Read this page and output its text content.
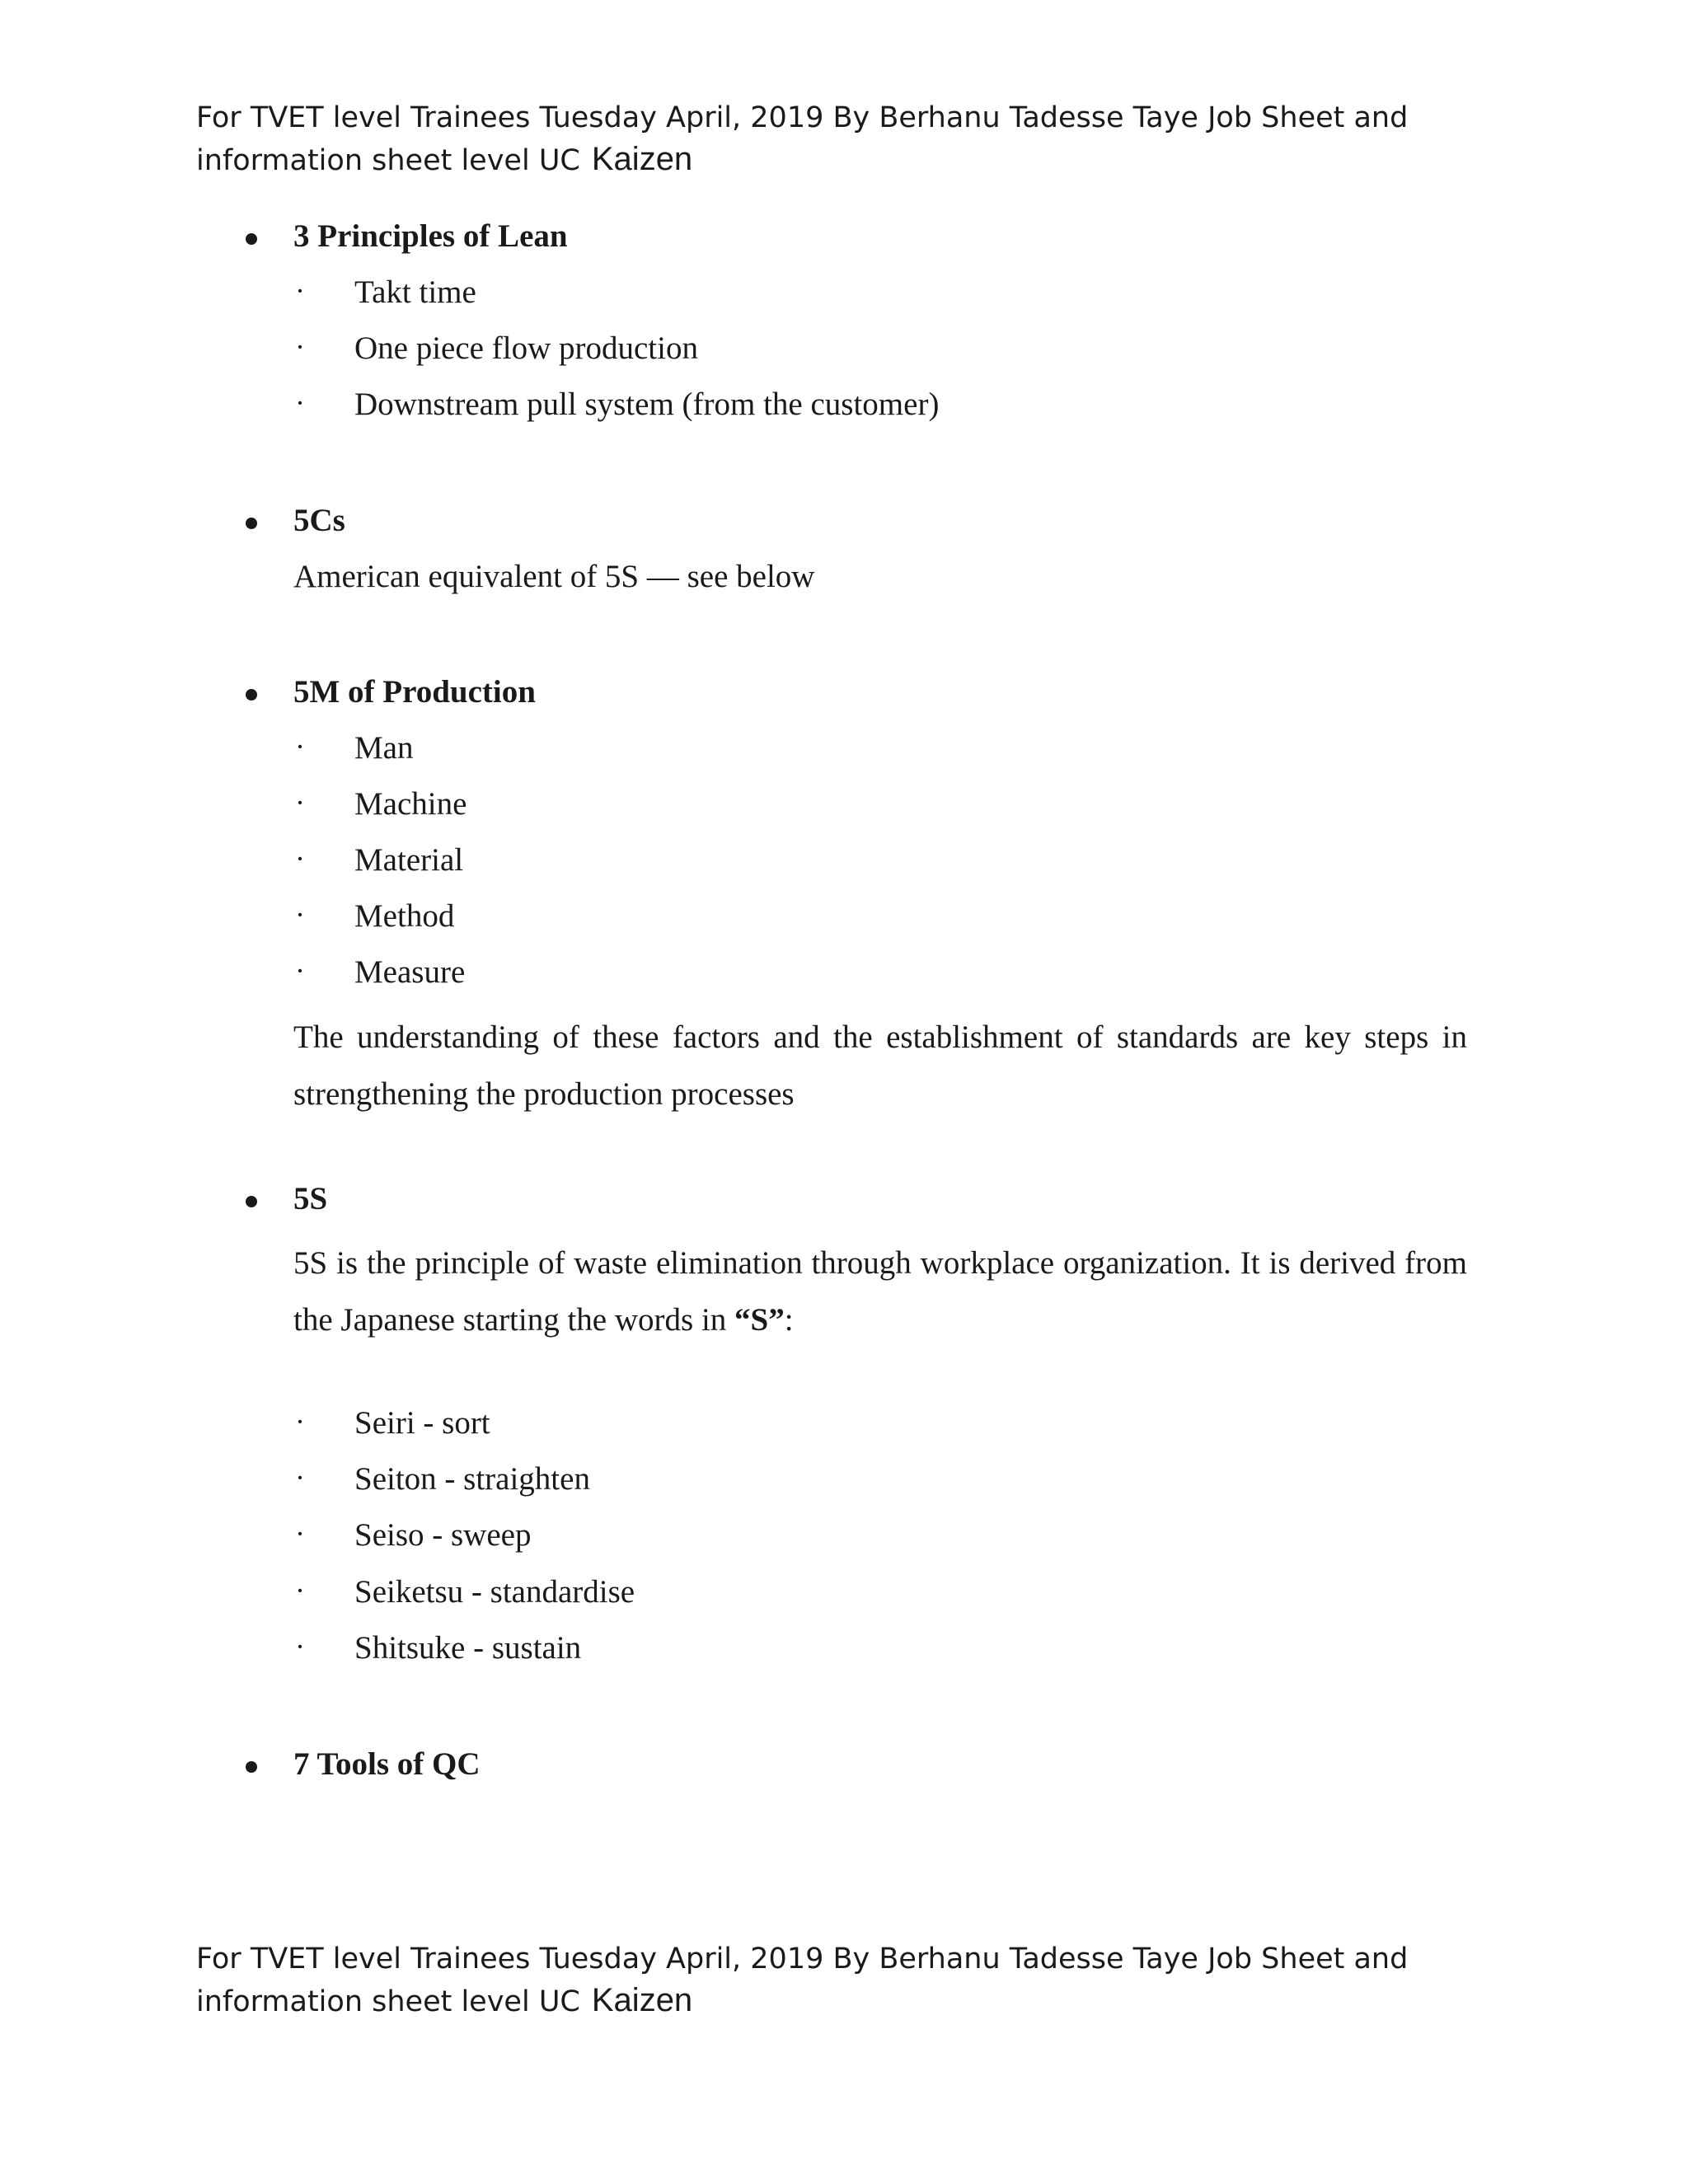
For TVET level Trainees Tuesday April, 2019 By Berhanu Tadesse Taye Job Sheet and
information sheet level UC Kaizen
3 Principles of Lean
· Takt time
· One piece flow production
· Downstream pull system (from the customer)
5Cs
American equivalent of 5S — see below
5M of Production
· Man
· Machine
· Material
· Method
· Measure
The understanding of these factors and the establishment of standards are key steps in strengthening the production processes
5S
5S is the principle of waste elimination through workplace organization. It is derived from the Japanese starting the words in “S”:
· Seiri - sort
· Seiton - straighten
· Seiso - sweep
· Seiketsu - standardise
· Shitsuke - sustain
7 Tools of QC
For TVET level Trainees Tuesday April, 2019 By Berhanu Tadesse Taye Job Sheet and
information sheet level UC Kaizen
